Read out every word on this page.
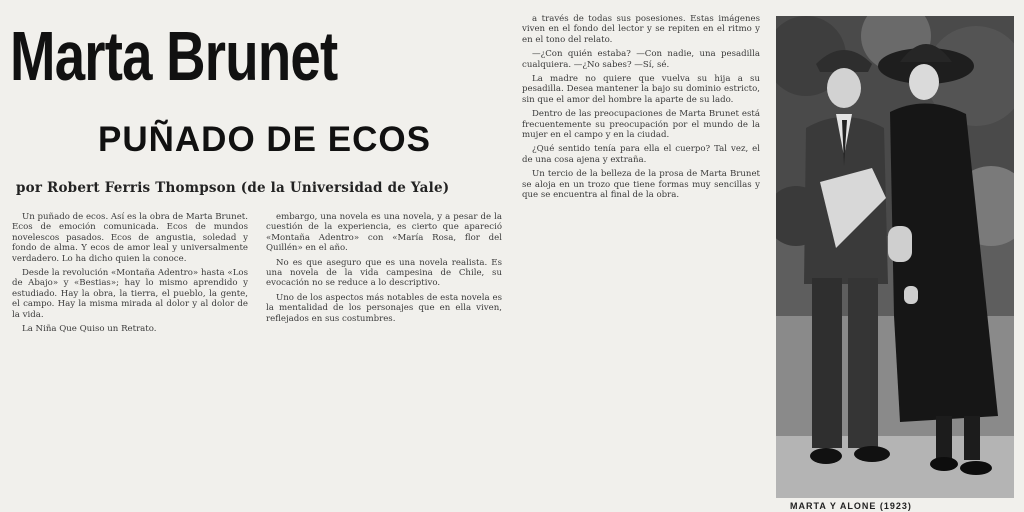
Marta Brunet
PUÑADO DE ECOS
por Robert Ferris Thompson (de la Universidad de Yale)

Un puñado de ecos. Así es la obra de Marta Brunet. Ecos de emoción comunicada. Ecos de mundos novelescos pasados. Ecos de angustia, soledad y fondo de alma. Y ecos de amor leal y universalmente verdadero. Lo ha dicho quien la conoce.

Desde la revolución «Montaña Adentro» hasta «Los de Abajo» y «Bestias»; hay lo mismo aprendido y estudiado. Hay la obra, la tierra, el pueblo, la gente, el campo. Hay la misma mirada al dolor y al dolor de la vida.

La Niña Que Quiso un Retrato.

embargo, una novela es una novela, y a pesar de la cuestión de la experiencia, es cierto que apareció «Montaña Adentro» con «María Rosa, flor del Quillén» en el año.

No es que aseguro que es una novela realista. Es una novela de la vida campesina de Chile, su evocación no se reduce a lo descriptivo.

Uno de los aspectos más notables de esta novela es la mentalidad de los personajes que en ella viven, reflejados en sus costumbres.

a través de todas sus posesiones. Estas imágenes viven en el fondo del lector y se repiten en el ritmo y en el tono del relato.

—¿Con quién estaba? —Con nadie, una pesadilla cualquiera. —¿No sabes? —Sí, sé.

La madre no quiere que vuelva su hija a su pesadilla. Desea mantener la bajo su dominio estricto, sin que el amor del hombre la aparte de su lado.

Dentro de las preocupaciones de Marta Brunet está frecuentemente su preocupación por el mundo de la mujer en el campo y en la ciudad.

¿Qué sentido tenía para ella el cuerpo? Tal vez, el de una cosa ajena y extraña.

Un tercio de la belleza de la prosa de Marta Brunet se aloja en un trozo que tiene formas muy sencillas y que se encuentra al final de la obra.

MARTA Y ALONE (1923)
